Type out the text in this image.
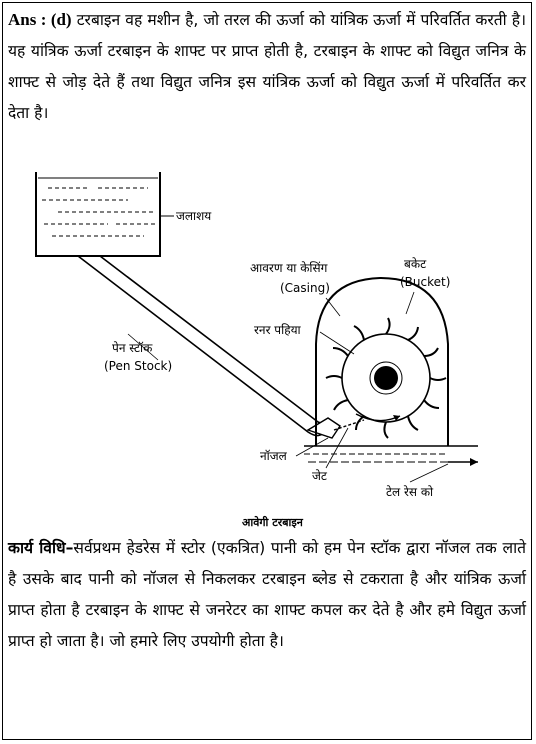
Ans : (d) टरबाइन वह मशीन है, जो तरल की ऊर्जा को यांत्रिक ऊर्जा में परिवर्तित करती है। यह यांत्रिक ऊर्जा टरबाइन के शाफ्ट पर प्राप्त होती है, टरबाइन के शाफ्ट को विद्युत जनित्र के शाफ्ट से जोड़ देते हैं तथा विद्युत जनित्र इस यांत्रिक ऊर्जा को विद्युत ऊर्जा में परिवर्तित कर देता है।

जलाशय
पेन स्टॉक
(Pen Stock)
नॉजल
आवरण या केसिंग
(Casing)
बकेट
(Bucket)
रनर पहिया
जेट
टेल रेस को
आवेगी टरबाइन

कार्य विधि–सर्वप्रथम हेडरेस में स्टोर (एकत्रित) पानी को हम पेन स्टॉक द्वारा नॉजल तक लाते है उसके बाद पानी को नॉजल से निकलकर टरबाइन ब्लेड से टकराता है और यांत्रिक ऊर्जा प्राप्त होता है टरबाइन के शाफ्ट से जनरेटर का शाफ्ट कपल कर देते है और हमे विद्युत ऊर्जा प्राप्त हो जाता है। जो हमारे लिए उपयोगी होता है।
